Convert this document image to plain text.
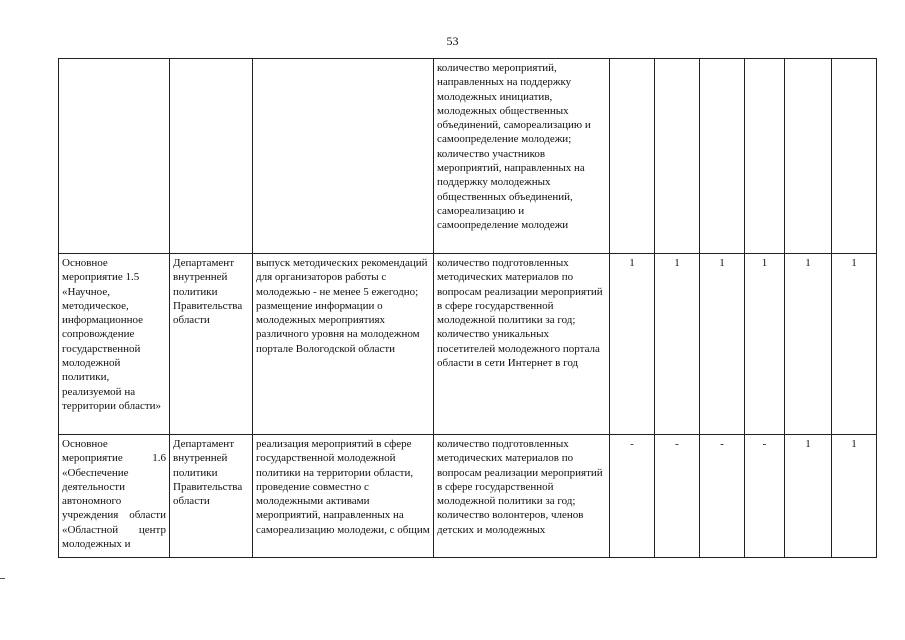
53
			количество мероприятий, направленных на поддержку молодежных инициатив, молодежных общественных объединений, самореализацию и самоопределение молодежи; количество участников мероприятий, направленных на поддержку молодежных общественных объединений, самореализацию и самоопределение молодежи						
Основное мероприятие 1.5 «Научное, методическое, информационное сопровождение государственной молодежной политики, реализуемой на территории области»	Департамент внутренней политики Правительства области	выпуск методических рекомендаций для организаторов работы с молодежью - не менее 5 ежегодно; размещение информации о молодежных мероприятиях различного уровня на молодежном портале Вологодской области	количество подготовленных методических материалов по вопросам реализации мероприятий в сфере государственной молодежной политики за год; количество уникальных посетителей молодежного портала области в сети Интернет в год	1	1	1	1	1	1
Основное мероприятие 1.6 «Обеспечение деятельности автономного учреждения области «Областной центр молодежных и	Департамент внутренней политики Правительства области	реализация мероприятий в сфере государственной молодежной политики на территории области, проведение совместно с молодежными активами мероприятий, направленных на самореализацию молодежи, с общим	количество подготовленных методических материалов по вопросам реализации мероприятий в сфере государственной молодежной политики за год; количество волонтеров, членов детских и молодежных	-	-	-	-	1	1
